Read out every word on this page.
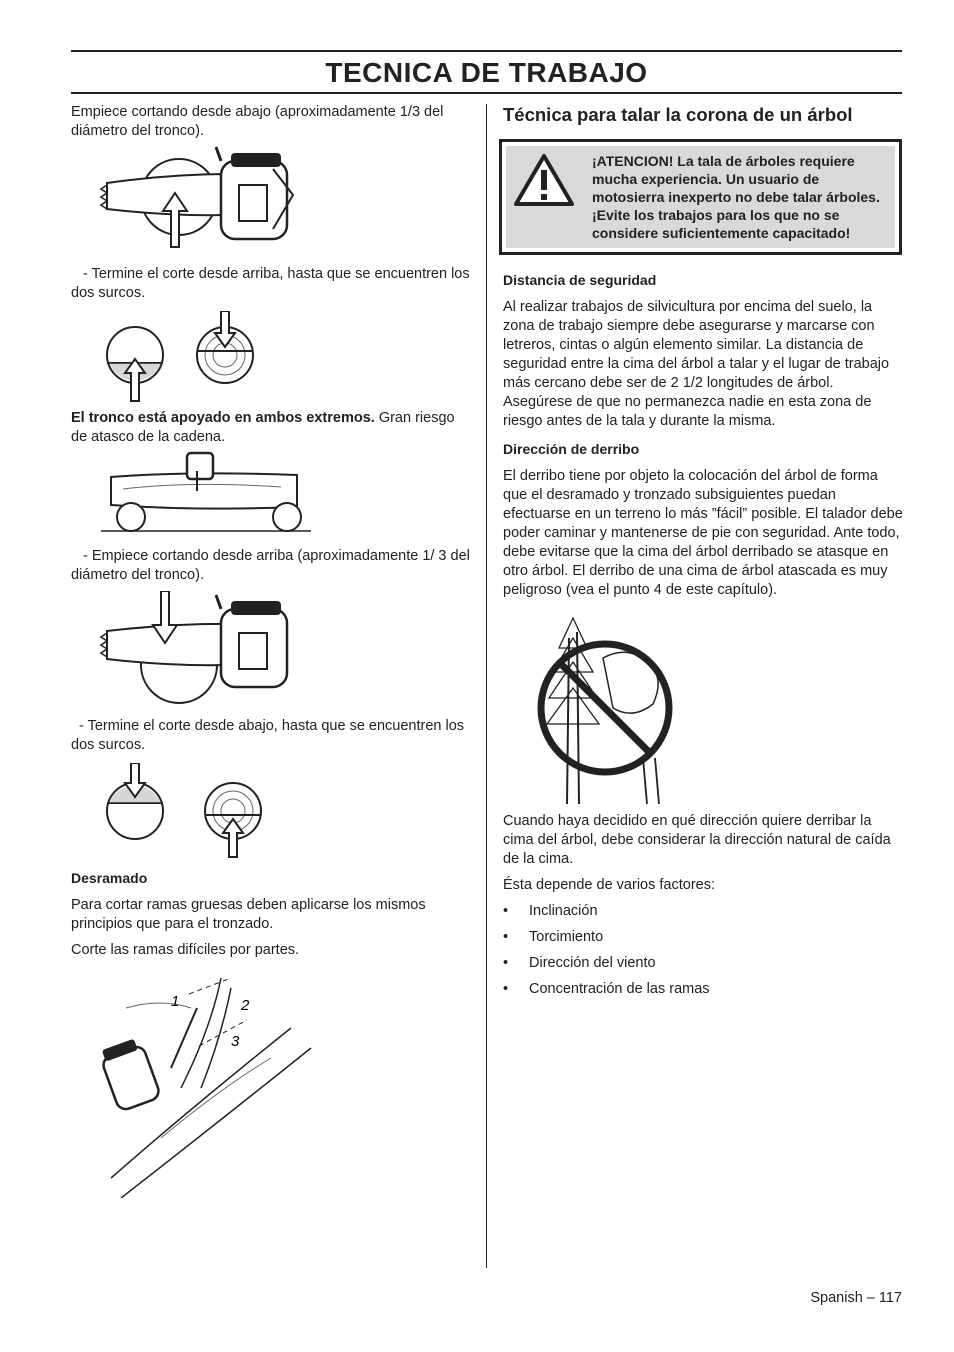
TECNICA DE TRABAJO

Empiece cortando desde abajo (aproximadamente 1/3 del diámetro del tronco).

- Termine el corte desde arriba, hasta que se encuentren los dos surcos.

El tronco está apoyado en ambos extremos. Gran riesgo de atasco de la cadena.

- Empiece cortando desde arriba (aproximadamente 1/ 3 del diámetro del tronco).

- Termine el corte desde abajo, hasta que se encuentren los dos surcos.

Desramado

Para cortar ramas gruesas deben aplicarse los mismos principios que para el tronzado.

Corte las ramas difíciles por partes.

1	2
3
Técnica para talar la corona de un árbol
¡ATENCION! La tala de árboles requiere mucha experiencia. Un usuario de motosierra inexperto no debe talar árboles. ¡Evite los trabajos para los que no se considere suficientemente capacitado!

Distancia de seguridad

Al realizar trabajos de silvicultura por encima del suelo, la zona de trabajo siempre debe asegurarse y marcarse con letreros, cintas o algún elemento similar. La distancia de seguridad entre la cima del árbol a talar y el lugar de trabajo más cercano debe ser de 2 1/2 longitudes de árbol. Asegúrese de que no permanezca nadie en esta zona de riesgo antes de la tala y durante la misma.

Dirección de derribo

El derribo tiene por objeto la colocación del árbol de forma que el desramado y tronzado subsiguientes puedan efectuarse en un terreno lo más ”fácil” posible. El talador debe poder caminar y mantenerse de pie con seguridad. Ante todo, debe evitarse que la cima del árbol derribado se atasque en otro árbol. El derribo de una cima de árbol atascada es muy peligroso (vea el punto 4 de este capítulo).

Cuando haya decidido en qué dirección quiere derribar la cima del árbol, debe considerar la dirección natural de caída de la cima.

Ésta depende de varios factores:

•	Inclinación
•	Torcimiento
•	Dirección del viento
•	Concentración de las ramas
Spanish – 117
